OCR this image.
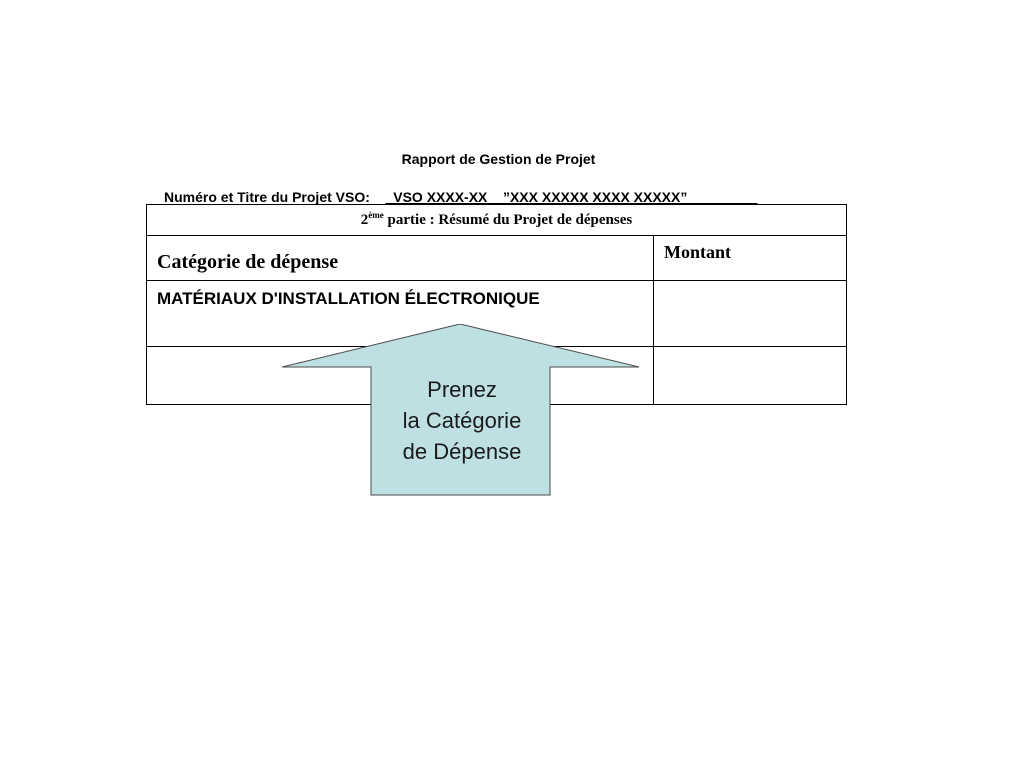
Rapport de Gestion de Projet
Numéro et Titre du Projet VSO: _VSO XXXX-XX _ ”XXX XXXXX XXXX XXXXX”_________
2ème partie : Résumé du Projet de dépenses	
Catégorie de dépense	Montant
MATÉRIAUX D'INSTALLATION ÉLECTRONIQUE	

Prenez
la Catégorie
de Dépense
